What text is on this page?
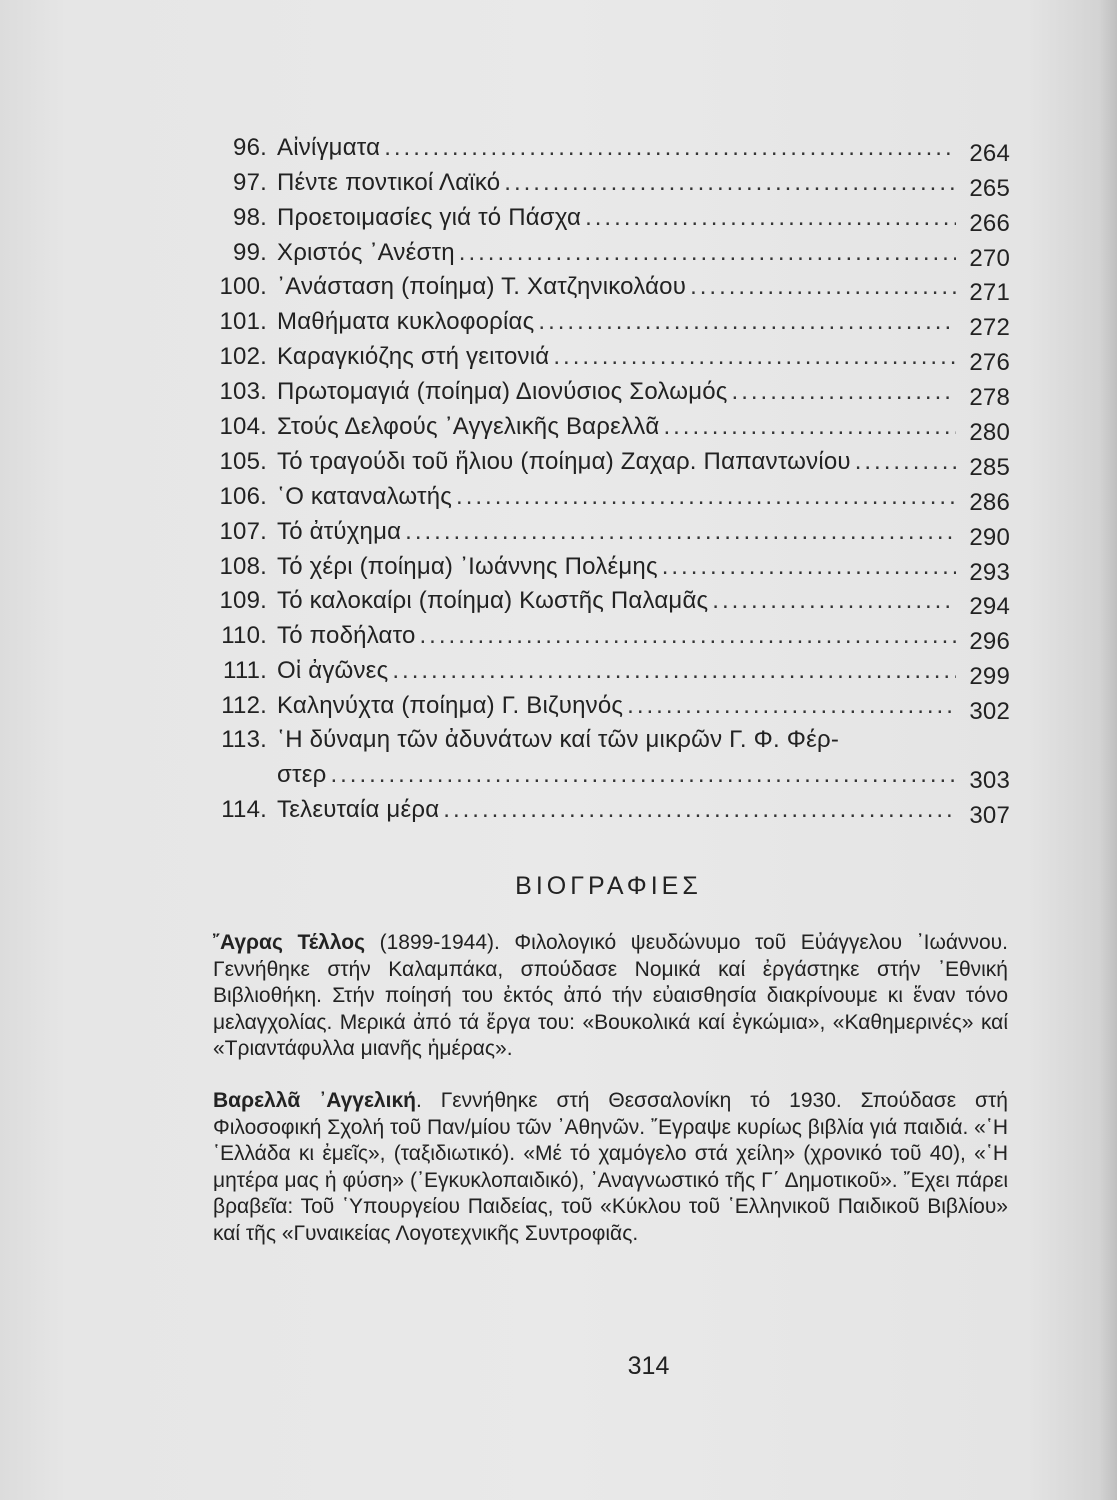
96. Αἰνίγματα .....	264
97. Πέντε ποντικοί Λαϊκό .....	265
98. Προετοιμασίες γιά τό Πάσχα .....	266
99. Χριστός ᾿Ανέστη .....	270
100. ᾿Ανάσταση (ποίημα) Τ. Χατζηνικολάου .....	271
101. Μαθήματα κυκλοφορίας .....	272
102. Καραγκιόζης στή γειτονιά .....	276
103. Πρωτομαγιά (ποίημα) Διονύσιος Σολωμός .....	278
104. Στούς Δελφούς ᾿Αγγελικῆς Βαρελλᾶ .....	280
105. Τό τραγούδι τοῦ ἥλιου (ποίημα) Ζαχαρ. Παπαντωνίου .....	285
106. ῾Ο καταναλωτής .....	286
107. Τό ἀτύχημα .....	290
108. Τό χέρι (ποίημα) ᾿Ιωάννης Πολέμης .....	293
109. Τό καλοκαίρι (ποίημα) Κωστῆς Παλαμᾶς .....	294
110. Τό ποδήλατο .....	296
111. Οἱ ἀγῶνες .....	299
112. Καληνύχτα (ποίημα) Γ. Βιζυηνός .....	302
113. ῾Η δύναμη τῶν ἀδυνάτων καί τῶν μικρῶν Γ. Φ. Φέρ-
στερ .....	303
114. Τελευταία μέρα .....	307
ΒΙΟΓΡΑΦΙΕΣ

῎Αγρας Τέλλος (1899-1944). Φιλολογικό ψευδώνυμο τοῦ Εὐάγγελου ᾿Ιωάννου. Γεννήθηκε στήν Καλαμπάκα, σπούδασε Νομικά καί ἐργάστηκε στήν ᾿Εθνική Βιβλιοθήκη. Στήν ποίησή του ἐκτός ἀπό τήν εὐαισθησία διακρίνουμε κι ἕναν τόνο μελαγχολίας. Μερικά ἀπό τά ἔργα του: «Βουκολικά καί ἐγκώμια», «Καθημερινές» καί «Τριαντάφυλλα μιανῆς ἡμέρας».

Βαρελλᾶ ᾿Αγγελική. Γεννήθηκε στή Θεσσαλονίκη τό 1930. Σπούδασε στή Φιλοσοφική Σχολή τοῦ Παν/μίου τῶν ᾿Αθηνῶν. ῎Εγραψε κυρίως βιβλία γιά παιδιά. «῾Η ῾Ελλάδα κι ἐμεῖς», (ταξιδιωτικό). «Μέ τό χαμόγελο στά χείλη» (χρονικό τοῦ 40), «῾Η μητέρα μας ἡ φύση» (᾿Εγκυκλοπαιδικό), ᾿Αναγνωστικό τῆς Γ΄ Δημοτικοῦ». ῎Εχει πάρει βραβεῖα: Τοῦ ῾Υπουργείου Παιδείας, τοῦ «Κύκλου τοῦ ῾Ελληνικοῦ Παιδικοῦ Βιβλίου» καί τῆς «Γυναικείας Λογοτεχνικῆς Συντροφιᾶς.

314
